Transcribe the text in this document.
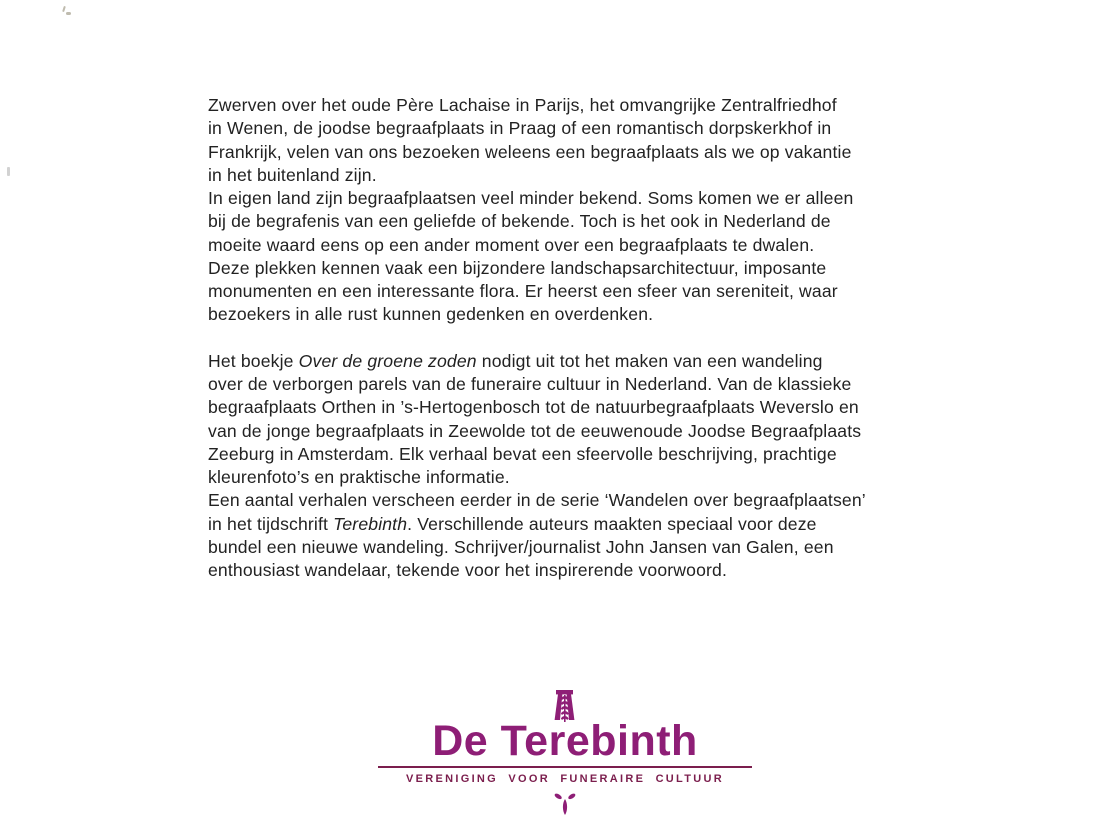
Zwerven over het oude Père Lachaise in Parijs, het omvangrijke Zentralfriedhof
in Wenen, de joodse begraafplaats in Praag of een romantisch dorpskerkhof in
Frankrijk, velen van ons bezoeken weleens een begraafplaats als we op vakantie
in het buitenland zijn.
In eigen land zijn begraafplaatsen veel minder bekend. Soms komen we er alleen
bij de begrafenis van een geliefde of bekende. Toch is het ook in Nederland de
moeite waard eens op een ander moment over een begraafplaats te dwalen.
Deze plekken kennen vaak een bijzondere landschapsarchitectuur, imposante
monumenten en een interessante flora. Er heerst een sfeer van sereniteit, waar
bezoekers in alle rust kunnen gedenken en overdenken.
Het boekje Over de groene zoden nodigt uit tot het maken van een wandeling
over de verborgen parels van de funeraire cultuur in Nederland. Van de klassieke
begraafplaats Orthen in ’s-Hertogenbosch tot de natuurbegraafplaats Weverslo en
van de jonge begraafplaats in Zeewolde tot de eeuwenoude Joodse Begraafplaats
Zeeburg in Amsterdam. Elk verhaal bevat een sfeervolle beschrijving, prachtige
kleurenfoto’s en praktische informatie.
Een aantal verhalen verscheen eerder in de serie ‘Wandelen over begraafplaatsen’
in het tijdschrift Terebinth. Verschillende auteurs maakten speciaal voor deze
bundel een nieuwe wandeling. Schrijver/journalist John Jansen van Galen, een
enthousiast wandelaar, tekende voor het inspirerende voorwoord.
De Terebinth
VERENIGING VOOR FUNERAIRE CULTUUR
